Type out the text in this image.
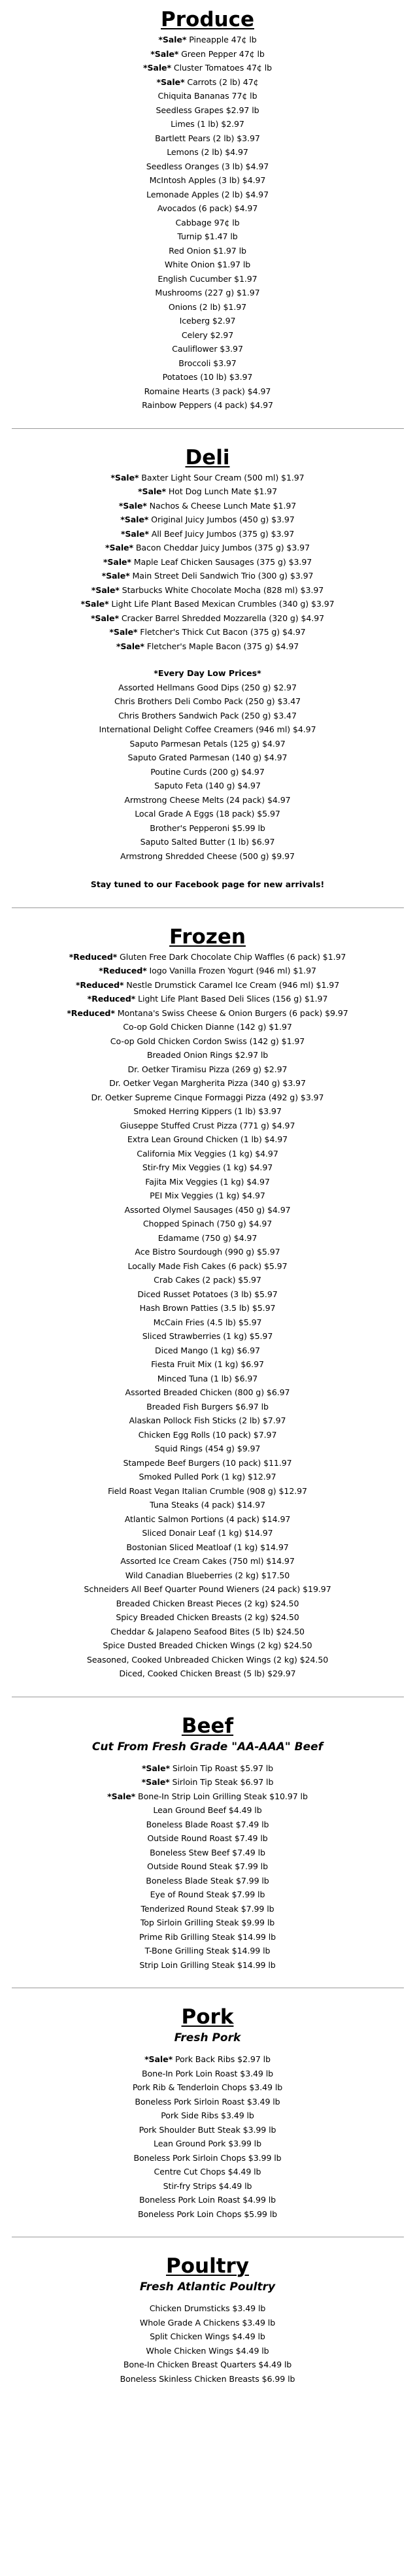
Produce
*Sale* Pineapple 47¢ lb
*Sale* Green Pepper 47¢ lb
*Sale* Cluster Tomatoes 47¢ lb
*Sale* Carrots (2 lb) 47¢
Chiquita Bananas 77¢ lb
Seedless Grapes $2.97 lb
Limes (1 lb) $2.97
Bartlett Pears (2 lb) $3.97
Lemons (2 lb) $4.97
Seedless Oranges (3 lb) $4.97
McIntosh Apples (3 lb) $4.97
Lemonade Apples (2 lb) $4.97
Avocados (6 pack) $4.97
Cabbage 97¢ lb
Turnip $1.47 lb
Red Onion $1.97 lb
White Onion $1.97 lb
English Cucumber $1.97
Mushrooms (227 g) $1.97
Onions (2 lb) $1.97
Iceberg $2.97
Celery $2.97
Cauliflower $3.97
Broccoli $3.97
Potatoes (10 lb) $3.97
Romaine Hearts (3 pack) $4.97
Rainbow Peppers (4 pack) $4.97
Deli
*Sale* Baxter Light Sour Cream (500 ml) $1.97
*Sale* Hot Dog Lunch Mate $1.97
*Sale* Nachos & Cheese Lunch Mate $1.97
*Sale* Original Juicy Jumbos (450 g) $3.97
*Sale* All Beef Juicy Jumbos (375 g) $3.97
*Sale* Bacon Cheddar Juicy Jumbos (375 g) $3.97
*Sale* Maple Leaf Chicken Sausages (375 g) $3.97
*Sale* Main Street Deli Sandwich Trio (300 g) $3.97
*Sale* Starbucks White Chocolate Mocha (828 ml) $3.97
*Sale* Light Life Plant Based Mexican Crumbles (340 g) $3.97
*Sale* Cracker Barrel Shredded Mozzarella (320 g) $4.97
*Sale* Fletcher's Thick Cut Bacon (375 g) $4.97
*Sale* Fletcher's Maple Bacon (375 g) $4.97
*Every Day Low Prices*
Assorted Hellmans Good Dips (250 g) $2.97
Chris Brothers Deli Combo Pack (250 g) $3.47
Chris Brothers Sandwich Pack (250 g) $3.47
International Delight Coffee Creamers (946 ml) $4.97
Saputo Parmesan Petals (125 g) $4.97
Saputo Grated Parmesan (140 g) $4.97
Poutine Curds (200 g) $4.97
Saputo Feta (140 g) $4.97
Armstrong Cheese Melts (24 pack) $4.97
Local Grade A Eggs (18 pack) $5.97
Brother's Pepperoni $5.99 lb
Saputo Salted Butter (1 lb) $6.97
Armstrong Shredded Cheese (500 g) $9.97
Stay tuned to our Facebook page for new arrivals!
Frozen
*Reduced* Gluten Free Dark Chocolate Chip Waffles (6 pack) $1.97
*Reduced* Iogo Vanilla Frozen Yogurt (946 ml) $1.97
*Reduced* Nestle Drumstick Caramel Ice Cream (946 ml) $1.97
*Reduced* Light Life Plant Based Deli Slices (156 g) $1.97
*Reduced* Montana's Swiss Cheese & Onion Burgers (6 pack) $9.97
Co-op Gold Chicken Dianne (142 g) $1.97
Co-op Gold Chicken Cordon Swiss (142 g) $1.97
Breaded Onion Rings $2.97 lb
Dr. Oetker Tiramisu Pizza (269 g) $2.97
Dr. Oetker Vegan Margherita Pizza (340 g) $3.97
Dr. Oetker Supreme Cinque Formaggi Pizza (492 g) $3.97
Smoked Herring Kippers (1 lb) $3.97
Giuseppe Stuffed Crust Pizza (771 g) $4.97
Extra Lean Ground Chicken (1 lb) $4.97
California Mix Veggies (1 kg) $4.97
Stir-fry Mix Veggies (1 kg) $4.97
Fajita Mix Veggies (1 kg) $4.97
PEI Mix Veggies (1 kg) $4.97
Assorted Olymel Sausages (450 g) $4.97
Chopped Spinach (750 g) $4.97
Edamame (750 g) $4.97
Ace Bistro Sourdough (990 g) $5.97
Locally Made Fish Cakes (6 pack) $5.97
Crab Cakes (2 pack) $5.97
Diced Russet Potatoes (3 lb) $5.97
Hash Brown Patties (3.5 lb) $5.97
McCain Fries (4.5 lb) $5.97
Sliced Strawberries (1 kg) $5.97
Diced Mango (1 kg) $6.97
Fiesta Fruit Mix (1 kg) $6.97
Minced Tuna (1 lb) $6.97
Assorted Breaded Chicken (800 g) $6.97
Breaded Fish Burgers $6.97 lb
Alaskan Pollock Fish Sticks (2 lb) $7.97
Chicken Egg Rolls (10 pack) $7.97
Squid Rings (454 g) $9.97
Stampede Beef Burgers (10 pack) $11.97
Smoked Pulled Pork (1 kg) $12.97
Field Roast Vegan Italian Crumble (908 g) $12.97
Tuna Steaks (4 pack) $14.97
Atlantic Salmon Portions (4 pack) $14.97
Sliced Donair Leaf (1 kg) $14.97
Bostonian Sliced Meatloaf (1 kg) $14.97
Assorted Ice Cream Cakes (750 ml) $14.97
Wild Canadian Blueberries (2 kg) $17.50
Schneiders All Beef Quarter Pound Wieners (24 pack) $19.97
Breaded Chicken Breast Pieces (2 kg) $24.50
Spicy Breaded Chicken Breasts (2 kg) $24.50
Cheddar & Jalapeno Seafood Bites (5 lb) $24.50
Spice Dusted Breaded Chicken Wings (2 kg) $24.50
Seasoned, Cooked Unbreaded Chicken Wings (2 kg) $24.50
Diced, Cooked Chicken Breast (5 lb) $29.97
Beef
Cut From Fresh Grade "AA-AAA" Beef
*Sale* Sirloin Tip Roast $5.97 lb
*Sale* Sirloin Tip Steak $6.97 lb
*Sale* Bone-In Strip Loin Grilling Steak $10.97 lb
Lean Ground Beef $4.49 lb
Boneless Blade Roast $7.49 lb
Outside Round Roast $7.49 lb
Boneless Stew Beef $7.49 lb
Outside Round Steak $7.99 lb
Boneless Blade Steak $7.99 lb
Eye of Round Steak $7.99 lb
Tenderized Round Steak $7.99 lb
Top Sirloin Grilling Steak $9.99 lb
Prime Rib Grilling Steak $14.99 lb
T-Bone Grilling Steak $14.99 lb
Strip Loin Grilling Steak $14.99 lb
Pork
Fresh Pork
*Sale* Pork Back Ribs $2.97 lb
Bone-In Pork Loin Roast $3.49 lb
Pork Rib & Tenderloin Chops $3.49 lb
Boneless Pork Sirloin Roast $3.49 lb
Pork Side Ribs $3.49 lb
Pork Shoulder Butt Steak $3.99 lb
Lean Ground Pork $3.99 lb
Boneless Pork Sirloin Chops $3.99 lb
Centre Cut Chops $4.49 lb
Stir-fry Strips $4.49 lb
Boneless Pork Loin Roast $4.99 lb
Boneless Pork Loin Chops $5.99 lb
Poultry
Fresh Atlantic Poultry
Chicken Drumsticks $3.49 lb
Whole Grade A Chickens $3.49 lb
Split Chicken Wings $4.49 lb
Whole Chicken Wings $4.49 lb
Bone-In Chicken Breast Quarters $4.49 lb
Boneless Skinless Chicken Breasts $6.99 lb
